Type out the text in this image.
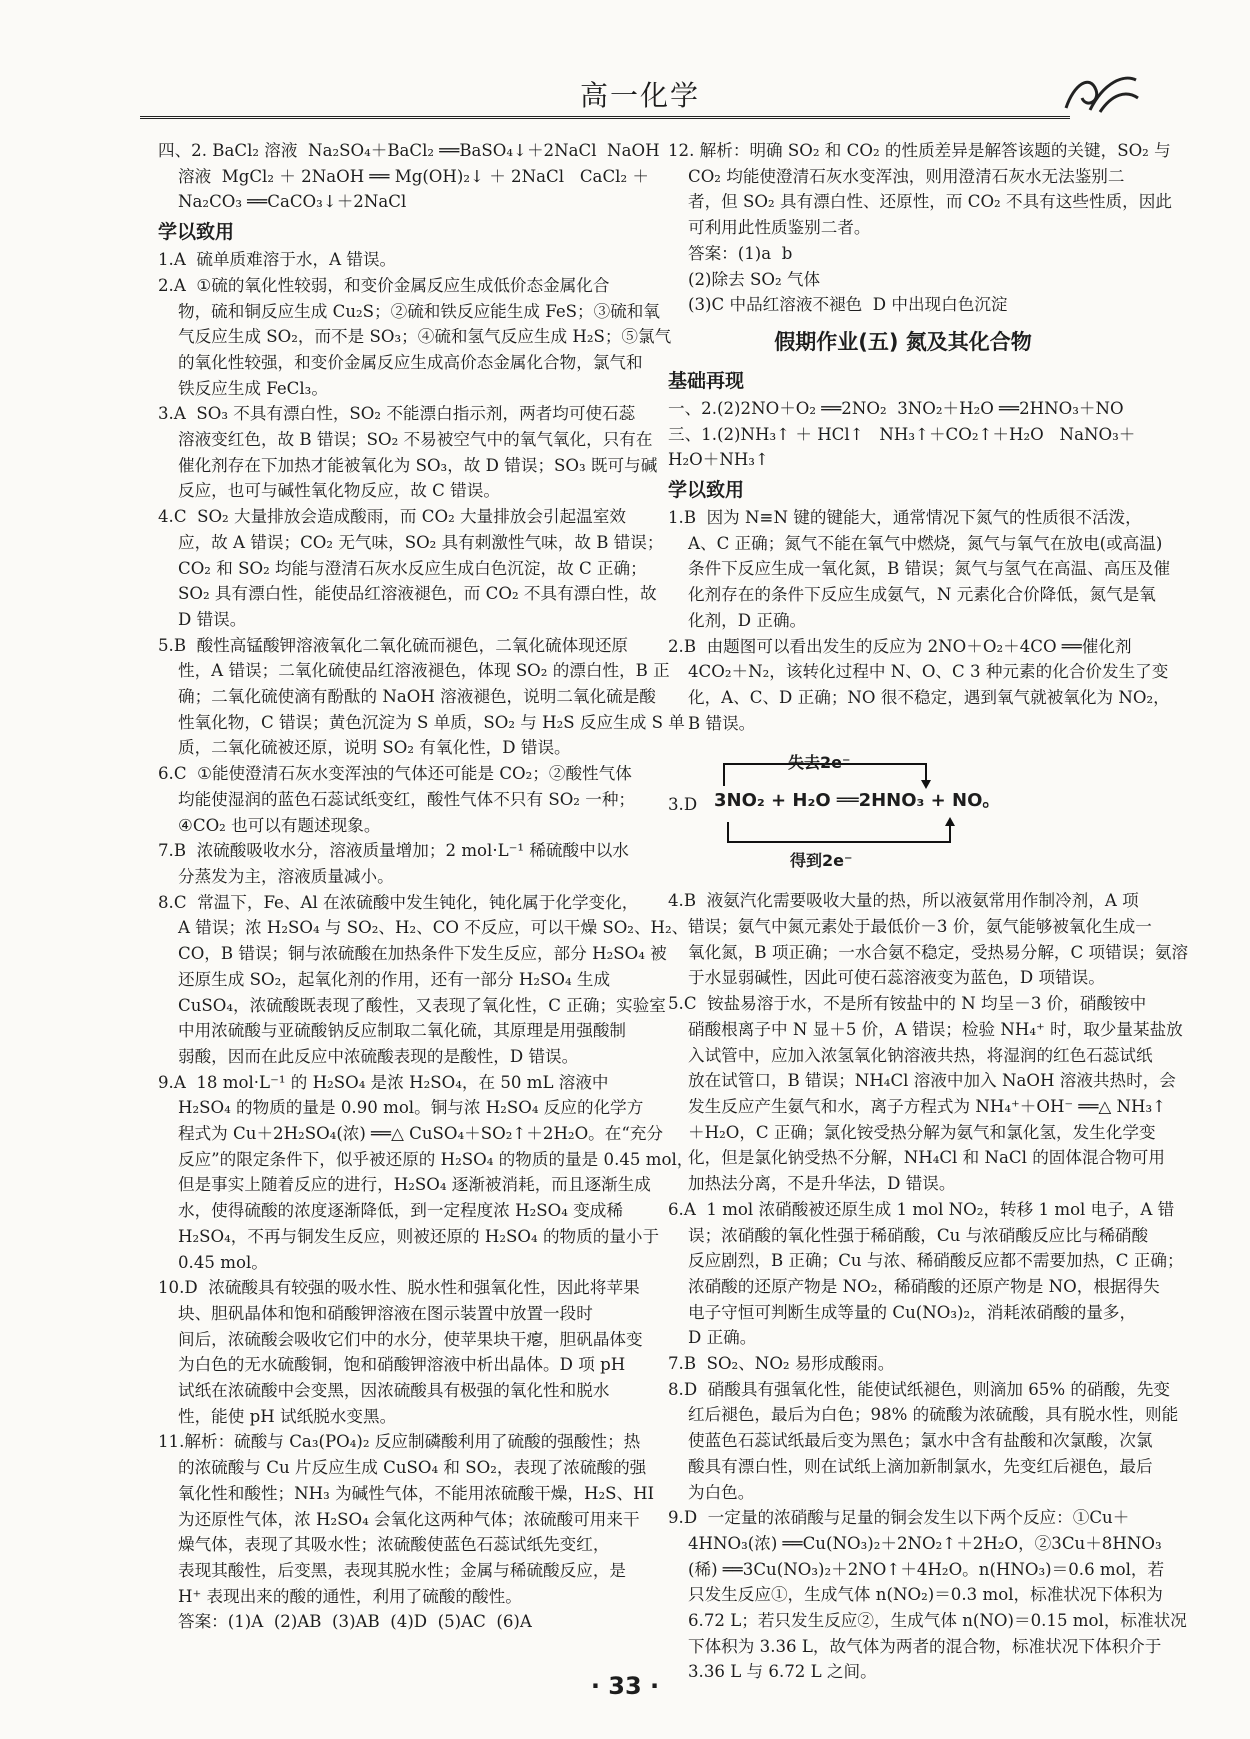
高一化学
四、2. BaCl₂ 溶液  Na₂SO₄＋BaCl₂ ══BaSO₄↓＋2NaCl  NaOH
溶液  MgCl₂ ＋ 2NaOH ══ Mg(OH)₂↓ ＋ 2NaCl   CaCl₂ ＋
Na₂CO₃ ══CaCO₃↓＋2NaCl
学以致用
1.A  硫单质难溶于水，A 错误。
2.A  ①硫的氧化性较弱，和变价金属反应生成低价态金属化合
物，硫和铜反应生成 Cu₂S；②硫和铁反应能生成 FeS；③硫和氧
气反应生成 SO₂，而不是 SO₃；④硫和氢气反应生成 H₂S；⑤氯气
的氧化性较强，和变价金属反应生成高价态金属化合物，氯气和
铁反应生成 FeCl₃。
3.A  SO₃ 不具有漂白性，SO₂ 不能漂白指示剂，两者均可使石蕊
溶液变红色，故 B 错误；SO₂ 不易被空气中的氧气氧化，只有在
催化剂存在下加热才能被氧化为 SO₃，故 D 错误；SO₃ 既可与碱
反应，也可与碱性氧化物反应，故 C 错误。
4.C  SO₂ 大量排放会造成酸雨，而 CO₂ 大量排放会引起温室效
应，故 A 错误；CO₂ 无气味，SO₂ 具有刺激性气味，故 B 错误；
CO₂ 和 SO₂ 均能与澄清石灰水反应生成白色沉淀，故 C 正确；
SO₂ 具有漂白性，能使品红溶液褪色，而 CO₂ 不具有漂白性，故
D 错误。
5.B  酸性高锰酸钾溶液氧化二氧化硫而褪色，二氧化硫体现还原
性，A 错误；二氧化硫使品红溶液褪色，体现 SO₂ 的漂白性，B 正
确；二氧化硫使滴有酚酞的 NaOH 溶液褪色，说明二氧化硫是酸
性氧化物，C 错误；黄色沉淀为 S 单质，SO₂ 与 H₂S 反应生成 S 单
质，二氧化硫被还原，说明 SO₂ 有氧化性，D 错误。
6.C  ①能使澄清石灰水变浑浊的气体还可能是 CO₂；②酸性气体
均能使湿润的蓝色石蕊试纸变红，酸性气体不只有 SO₂ 一种；
④CO₂ 也可以有题述现象。
7.B  浓硫酸吸收水分，溶液质量增加；2 mol·L⁻¹ 稀硫酸中以水
分蒸发为主，溶液质量减小。
8.C  常温下，Fe、Al 在浓硫酸中发生钝化，钝化属于化学变化，
A 错误；浓 H₂SO₄ 与 SO₂、H₂、CO 不反应，可以干燥 SO₂、H₂、
CO，B 错误；铜与浓硫酸在加热条件下发生反应，部分 H₂SO₄ 被
还原生成 SO₂，起氧化剂的作用，还有一部分 H₂SO₄ 生成
CuSO₄，浓硫酸既表现了酸性，又表现了氧化性，C 正确；实验室
中用浓硫酸与亚硫酸钠反应制取二氧化硫，其原理是用强酸制
弱酸，因而在此反应中浓硫酸表现的是酸性，D 错误。
9.A  18 mol·L⁻¹ 的 H₂SO₄ 是浓 H₂SO₄，在 50 mL 溶液中
H₂SO₄ 的物质的量是 0.90 mol。铜与浓 H₂SO₄ 反应的化学方
程式为 Cu＋2H₂SO₄(浓) ══△ CuSO₄＋SO₂↑＋2H₂O。在“充分
反应”的限定条件下，似乎被还原的 H₂SO₄ 的物质的量是 0.45 mol，
但是事实上随着反应的进行，H₂SO₄ 逐渐被消耗，而且逐渐生成
水，使得硫酸的浓度逐渐降低，到一定程度浓 H₂SO₄ 变成稀
H₂SO₄，不再与铜发生反应，则被还原的 H₂SO₄ 的物质的量小于
0.45 mol。
10.D  浓硫酸具有较强的吸水性、脱水性和强氧化性，因此将苹果
块、胆矾晶体和饱和硝酸钾溶液在图示装置中放置一段时
间后，浓硫酸会吸收它们中的水分，使苹果块干瘪，胆矾晶体变
为白色的无水硫酸铜，饱和硝酸钾溶液中析出晶体。D 项 pH
试纸在浓硫酸中会变黑，因浓硫酸具有极强的氧化性和脱水
性，能使 pH 试纸脱水变黑。
11.解析：硫酸与 Ca₃(PO₄)₂ 反应制磷酸利用了硫酸的强酸性；热
的浓硫酸与 Cu 片反应生成 CuSO₄ 和 SO₂，表现了浓硫酸的强
氧化性和酸性；NH₃ 为碱性气体，不能用浓硫酸干燥，H₂S、HI
为还原性气体，浓 H₂SO₄ 会氧化这两种气体；浓硫酸可用来干
燥气体，表现了其吸水性；浓硫酸使蓝色石蕊试纸先变红，
表现其酸性，后变黑，表现其脱水性；金属与稀硫酸反应，是
H⁺ 表现出来的酸的通性，利用了硫酸的酸性。
答案：(1)A  (2)AB  (3)AB  (4)D  (5)AC  (6)A
12. 解析：明确 SO₂ 和 CO₂ 的性质差异是解答该题的关键，SO₂ 与
CO₂ 均能使澄清石灰水变浑浊，则用澄清石灰水无法鉴别二
者，但 SO₂ 具有漂白性、还原性，而 CO₂ 不具有这些性质，因此
可利用此性质鉴别二者。
答案：(1)a  b
(2)除去 SO₂ 气体
(3)C 中品红溶液不褪色  D 中出现白色沉淀
假期作业(五) 氮及其化合物
基础再现
一、2.(2)2NO＋O₂ ══2NO₂  3NO₂＋H₂O ══2HNO₃＋NO
三、1.(2)NH₃↑ ＋ HCl↑   NH₃↑＋CO₂↑＋H₂O   NaNO₃＋
H₂O＋NH₃↑
学以致用
1.B  因为 N≡N 键的键能大，通常情况下氮气的性质很不活泼，
A、C 正确；氮气不能在氧气中燃烧，氮气与氧气在放电(或高温)
条件下反应生成一氧化氮，B 错误；氮气与氢气在高温、高压及催
化剂存在的条件下反应生成氨气，N 元素化合价降低，氮气是氧
化剂，D 正确。
2.B  由题图可以看出发生的反应为 2NO＋O₂＋4CO ══催化剂
4CO₂＋N₂，该转化过程中 N、O、C 3 种元素的化合价发生了变
化，A、C、D 正确；NO 很不稳定，遇到氧气就被氧化为 NO₂，
B 错误。
失去2e⁻
3.D 3NO₂ + H₂O ══2HNO₃ + NO。
得到2e⁻
4.B  液氨汽化需要吸收大量的热，所以液氨常用作制冷剂，A 项
错误；氨气中氮元素处于最低价－3 价，氨气能够被氧化生成一
氧化氮，B 项正确；一水合氨不稳定，受热易分解，C 项错误；氨溶
于水显弱碱性，因此可使石蕊溶液变为蓝色，D 项错误。
5.C  铵盐易溶于水，不是所有铵盐中的 N 均呈－3 价，硝酸铵中
硝酸根离子中 N 显＋5 价，A 错误；检验 NH₄⁺ 时，取少量某盐放
入试管中，应加入浓氢氧化钠溶液共热，将湿润的红色石蕊试纸
放在试管口，B 错误；NH₄Cl 溶液中加入 NaOH 溶液共热时，会
发生反应产生氨气和水，离子方程式为 NH₄⁺＋OH⁻ ══△ NH₃↑
＋H₂O，C 正确；氯化铵受热分解为氨气和氯化氢，发生化学变
化，但是氯化钠受热不分解，NH₄Cl 和 NaCl 的固体混合物可用
加热法分离，不是升华法，D 错误。
6.A  1 mol 浓硝酸被还原生成 1 mol NO₂，转移 1 mol 电子，A 错
误；浓硝酸的氧化性强于稀硝酸，Cu 与浓硝酸反应比与稀硝酸
反应剧烈，B 正确；Cu 与浓、稀硝酸反应都不需要加热，C 正确；
浓硝酸的还原产物是 NO₂，稀硝酸的还原产物是 NO，根据得失
电子守恒可判断生成等量的 Cu(NO₃)₂，消耗浓硝酸的量多，
D 正确。
7.B  SO₂、NO₂ 易形成酸雨。
8.D  硝酸具有强氧化性，能使试纸褪色，则滴加 65% 的硝酸，先变
红后褪色，最后为白色；98% 的硫酸为浓硫酸，具有脱水性，则能
使蓝色石蕊试纸最后变为黑色；氯水中含有盐酸和次氯酸，次氯
酸具有漂白性，则在试纸上滴加新制氯水，先变红后褪色，最后
为白色。
9.D  一定量的浓硝酸与足量的铜会发生以下两个反应：①Cu＋
4HNO₃(浓) ══Cu(NO₃)₂＋2NO₂↑＋2H₂O，②3Cu＋8HNO₃
(稀) ══3Cu(NO₃)₂＋2NO↑＋4H₂O。n(HNO₃)＝0.6 mol，若
只发生反应①，生成气体 n(NO₂)＝0.3 mol，标准状况下体积为
6.72 L；若只发生反应②，生成气体 n(NO)＝0.15 mol，标准状况
下体积为 3.36 L，故气体为两者的混合物，标准状况下体积介于
3.36 L 与 6.72 L 之间。
· 33 ·
